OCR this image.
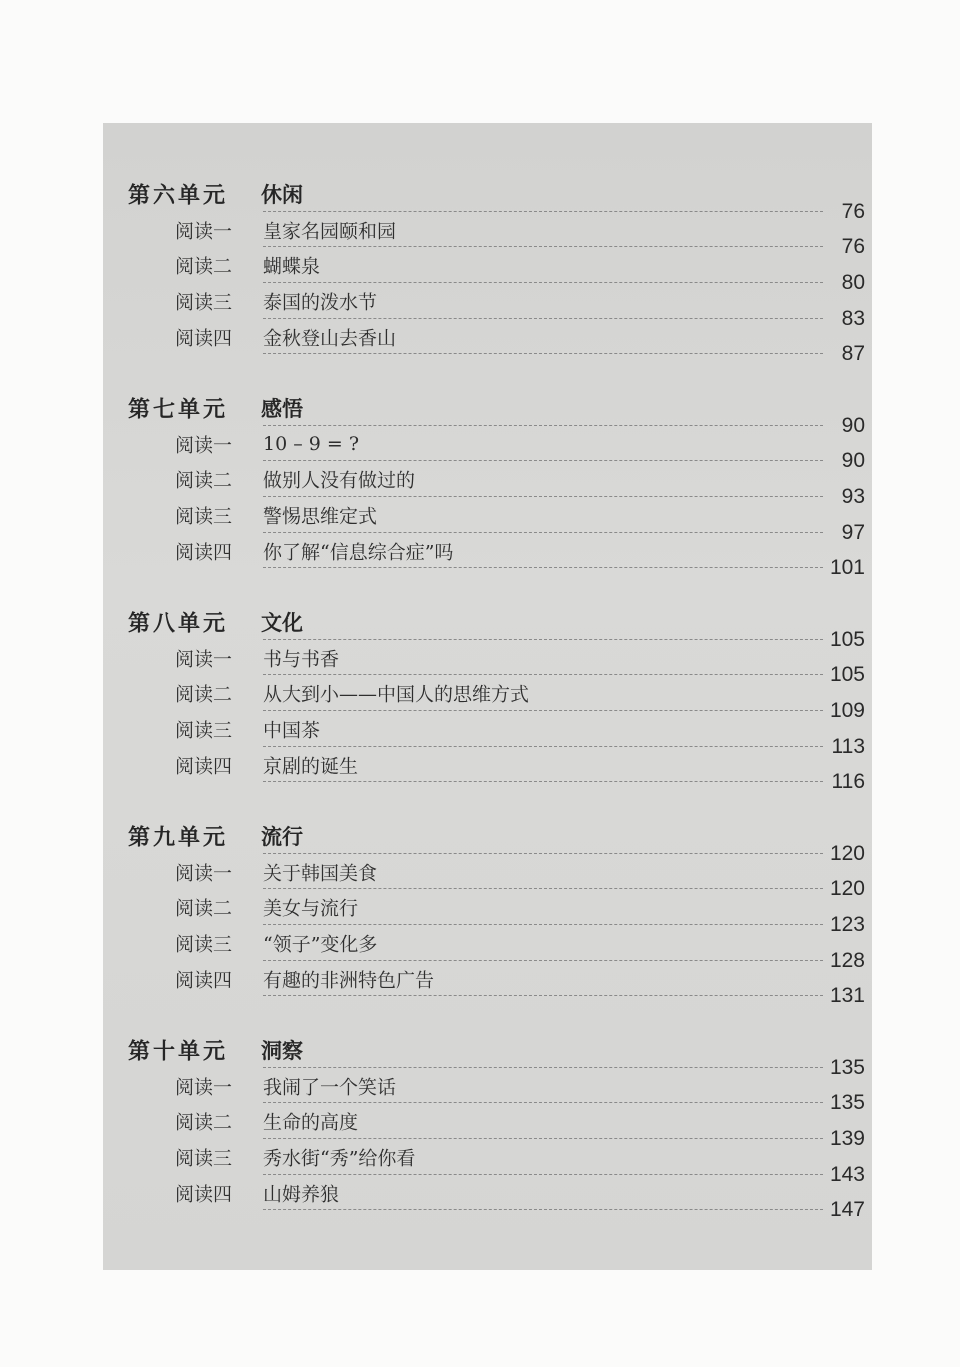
第六单元 休闲
76
阅读一 皇家名园颐和园
76
阅读二 蝴蝶泉
80
阅读三 泰国的泼水节
83
阅读四 金秋登山去香山
87
第七单元 感悟
90
阅读一 10 – 9 = ?
90
阅读二 做别人没有做过的
93
阅读三 警惕思维定式
97
阅读四 你了解“信息综合症”吗
101
第八单元 文化
105
阅读一 书与书香
105
阅读二 从大到小——中国人的思维方式
109
阅读三 中国茶
113
阅读四 京剧的诞生
116
第九单元 流行
120
阅读一 关于韩国美食
120
阅读二 美女与流行
123
阅读三 “领子”变化多
128
阅读四 有趣的非洲特色广告
131
第十单元 洞察
135
阅读一 我闹了一个笑话
135
阅读二 生命的高度
139
阅读三 秀水街“秀”给你看
143
阅读四 山姆养狼
147
